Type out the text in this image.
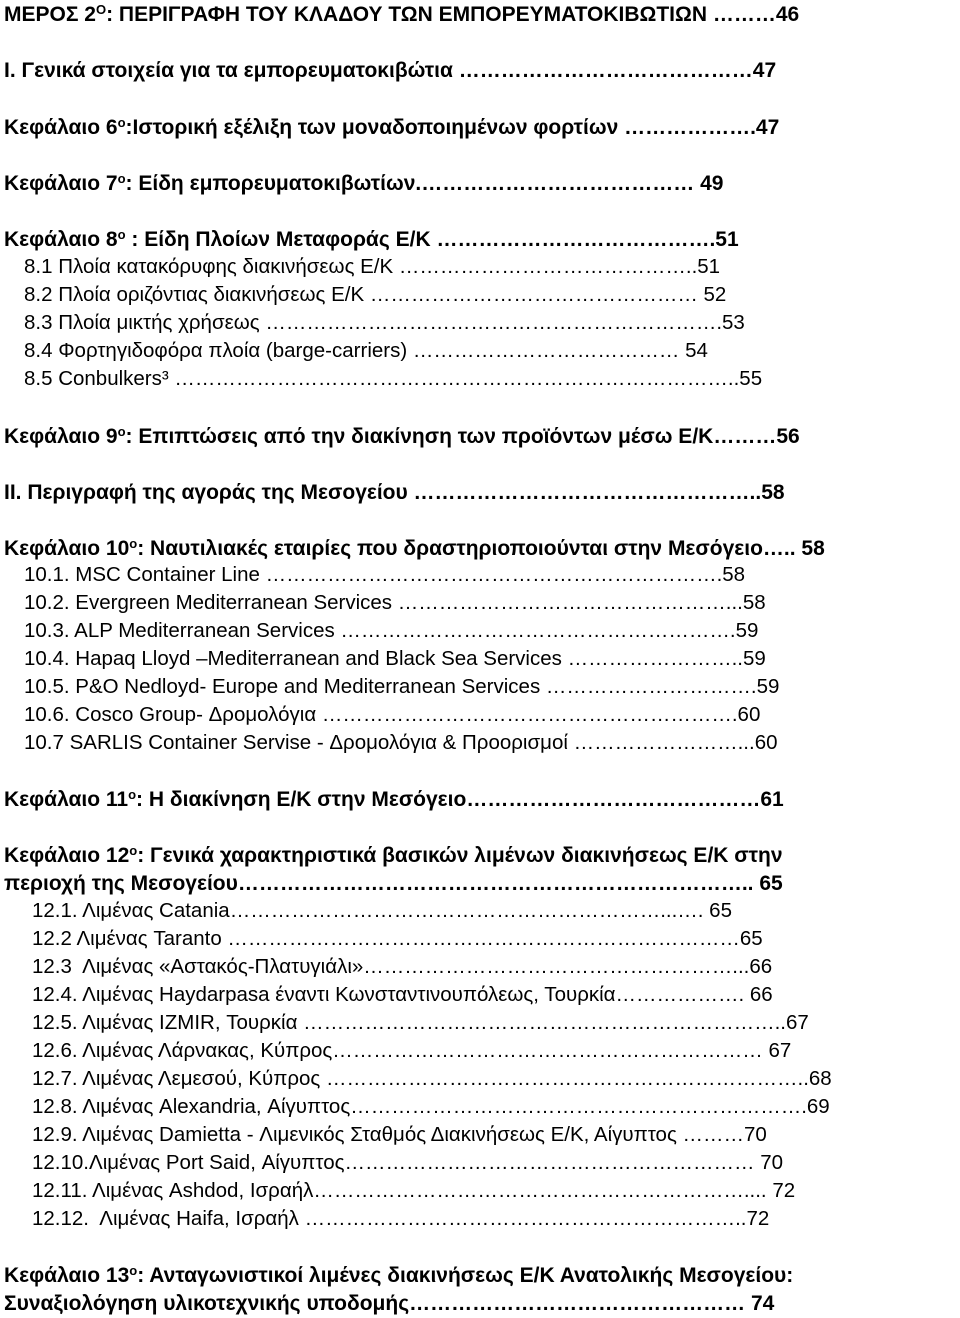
ΜΕΡΟΣ $2^O$: ΠΕΡΙΓΡΑΦΗ ΤΟΥ ΚΛΑΔΟΥ ΤΩΝ ΕΜΠΟΡΕΥΜΑΤΟΚΙΒΩΤΙΩΝ ………46
Ι. Γενικά στοιχεία για τα εμπορευματοκιβώτια ……………………………………47
Κεφάλαιο $6^o:I\sigma\tau o\rho\iota\kappa ή$ εξέλιξη των μοναδοποιημένων φορτίων ……………….47
Κεφάλαιο $7^o$: Είδη εμπορευματοκιβωτίων.………………………………… 49
Κεφάλαιο $8^o$ : Είδη Πλοίων Μεταφοράς Ε/Κ ………………………………….51
8.1 Πλοία κατακόρυφης διακινήσεως Ε/Κ ……………………………………..51
8.2 Πλοία οριζόντιας διακινήσεως Ε/Κ ………………………………………… 52
8.3 Πλοία μικτής χρήσεως ………………………………………………………….53
8.4 Φορτηγιδοφόρα πλοία (barge-carriers) ………………………………… 54
8.5 Conbulkers³ ………………………………………………………………………..55
Κεφάλαιο $9^o$: Επιπτώσεις από την διακίνηση των προϊόντων μέσω Ε/Κ………56
ΙΙ. Περιγραφή της αγοράς της Μεσογείου …………………………………………..58
Κεφάλαιο $10^o$: Ναυτιλιακές εταιρίες που δραστηριοποιούνται στην Μεσόγειο….. 58
10.1. MSC Container Line ………………………………………………………….58
10.2. Evergreen Mediterranean Services …………………………………………...58
10.3. ALP Mediterranean Services ………………………………………………….59
10.4. Hapaq Lloyd –Mediterranean and Black Sea Services ……………………..59
10.5. P&O Nedloyd- Europe and Mediterranean Services ………………………….59
10.6. Cosco Group- Δρομολόγια …………………………………………………….60
10.7 SARLIS Container Servise - Δρομολόγια & Προορισμοί ……………………...60
Κεφάλαιο $11^o$: Η διακίνηση Ε/Κ στην Μεσόγειο……………………………………61
Κεφάλαιο $12^o$: Γενικά χαρακτηριστικά βασικών λιμένων διακινήσεως Ε/Κ στην
περιοχή της Μεσογείου……………………………………………………………….. 65
12.1. Λιμένας Catania………………………………………………………...…. 65
12.2 Λιμένας Taranto …………………………………………………………………65
12.3  Λιμένας «Αστακός-Πλατυγιάλι»………………………………………………...66
12.4. Λιμένας Haydarpasa έναντι Κωνσταντινουπόλεως, Τουρκία………………. 66
12.5. Λιμένας IZMIR, Τουρκία ……………………………………………………………..67
12.6. Λιμένας Λάρνακας, Κύπρος……………………………………………………… 67
12.7. Λιμένας Λεμεσού, Κύπρος ……………………………………………………………..68
12.8. Λιμένας Alexandria, Αίγυπτος………………………………………………………….69
12.9. Λιμένας Damietta - Λιμενικός Σταθμός Διακινήσεως Ε/Κ, Αίγυπτος ………70
12.10.Λιμένας Port Said, Αίγυπτος…………………………………………………… 70
12.11. Λιμένας Ashdod, Ισραήλ……………………………………………………….... 72
12.12.  Λιμένας Haifa, Ισραήλ ………………………………………………………..72
Κεφάλαιο $13^o$: Ανταγωνιστικοί λιμένες διακινήσεως Ε/Κ Ανατολικής Μεσογείου:
Συναξιολόγηση υλικοτεχνικής υποδομής………………………………………… 74
